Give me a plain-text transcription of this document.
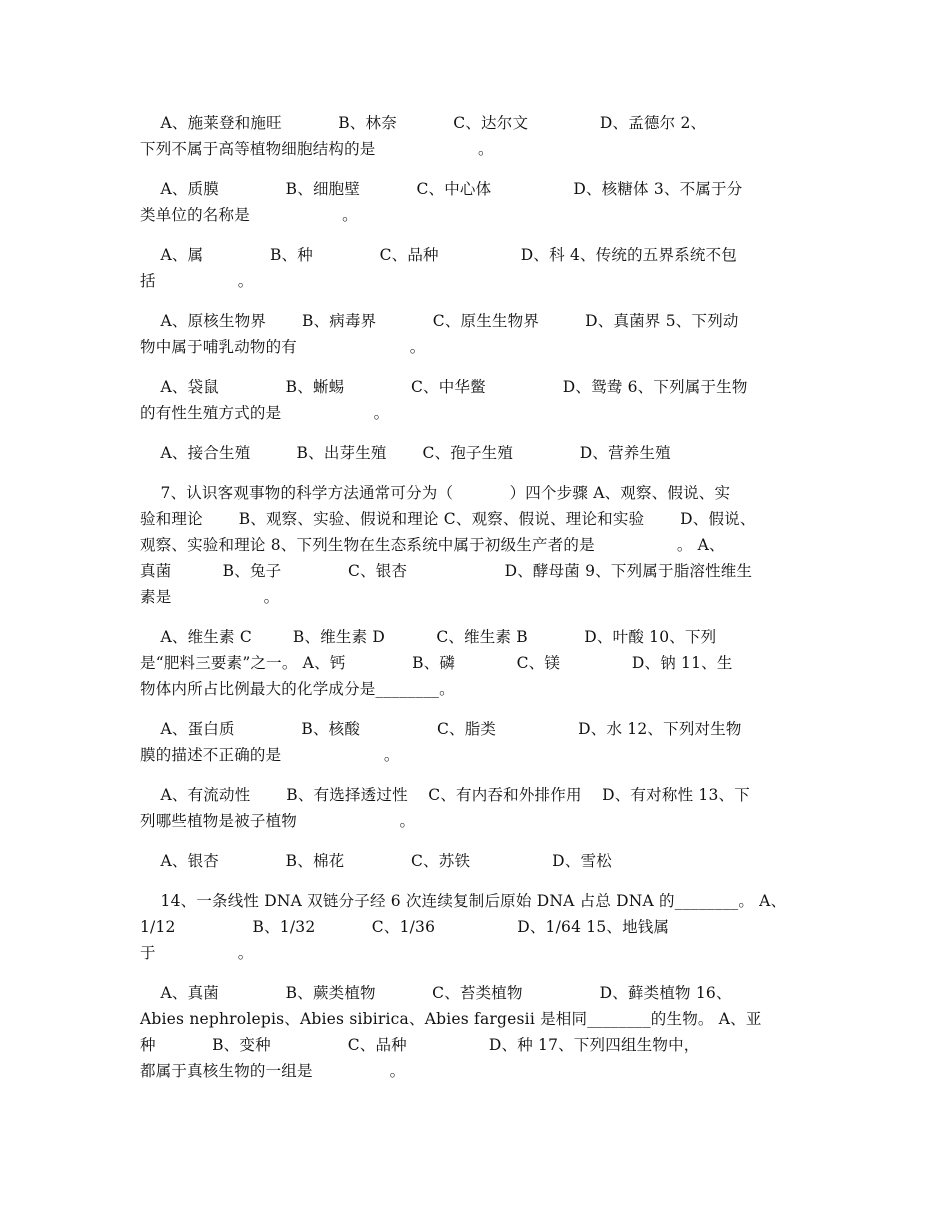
A、施莱登和施旺           B、林奈           C、达尔文              D、孟德尔 2、
下列不属于高等植物细胞结构的是                    。
A、质膜             B、细胞壁           C、中心体                D、核糖体 3、不属于分
类单位的名称是                  。
A、属             B、种             C、品种                D、科 4、传统的五界系统不包
括                。
A、原核生物界       B、病毒界           C、原生生物界         D、真菌界 5、下列动
物中属于哺乳动物的有                      。
A、袋鼠             B、蜥蜴             C、中华鳖               D、鸳鸯 6、下列属于生物
的有性生殖方式的是                  。
A、接合生殖         B、出芽生殖       C、孢子生殖             D、营养生殖
7、认识客观事物的科学方法通常可分为（           ）四个步骤 A、观察、假说、实
验和理论       B、观察、实验、假说和理论 C、观察、假说、理论和实验       D、假说、
观察、实验和理论 8、下列生物在生态系统中属于初级生产者的是                。 A、
真菌          B、兔子             C、银杏                   D、酵母菌 9、下列属于脂溶性维生
素是                  。
A、维生素 C        B、维生素 D          C、维生素 B           D、叶酸 10、下列
是“肥料三要素”之一。 A、钙             B、磷            C、镁              D、钠 11、生
物体内所占比例最大的化学成分是________。
A、蛋白质             B、核酸               C、脂类                D、水 12、下列对生物
膜的描述不正确的是                    。
A、有流动性       B、有选择透过性    C、有内吞和外排作用    D、有对称性 13、下
列哪些植物是被子植物                    。
A、银杏             B、棉花             C、苏铁                D、雪松
14、一条线性 DNA 双链分子经 6 次连续复制后原始 DNA 占总 DNA 的________。 A、
1/12               B、1/32           C、1/36                D、1/64 15、地钱属
于                。
A、真菌             B、蕨类植物           C、苔类植物               D、藓类植物 16、
Abies nephrolepis、Abies sibirica、Abies fargesii 是相同________的生物。 A、亚
种           B、变种               C、品种                D、种 17、下列四组生物中，
都属于真核生物的一组是               。
